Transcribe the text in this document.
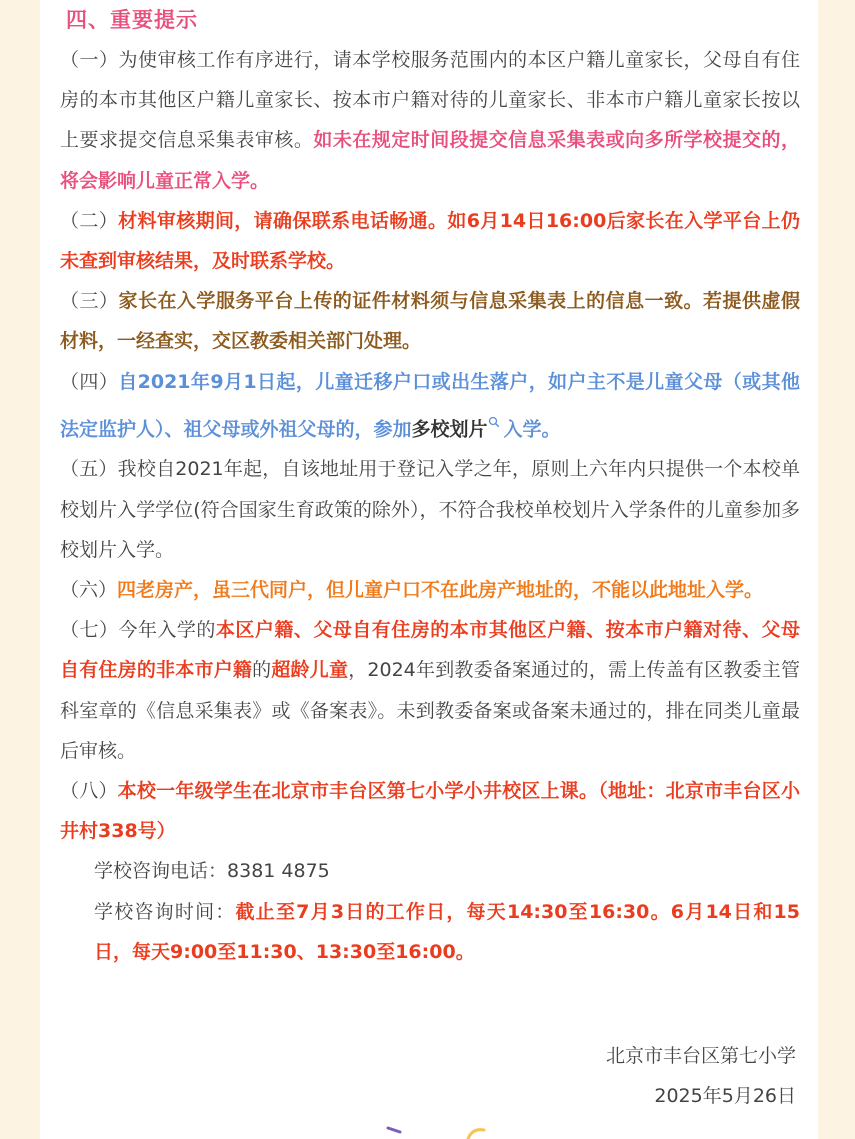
四、重要提示

（一）为使审核工作有序进行，请本学校服务范围内的本区户籍儿童家长，父母自有住房的本市其他区户籍儿童家长、按本市户籍对待的儿童家长、非本市户籍儿童家长按以上要求提交信息采集表审核。如未在规定时间段提交信息采集表或向多所学校提交的，将会影响儿童正常入学。

（二）材料审核期间，请确保联系电话畅通。如6月14日16:00后家长在入学平台上仍未查到审核结果，及时联系学校。

（三）家长在入学服务平台上传的证件材料须与信息采集表上的信息一致。若提供虚假材料，一经查实，交区教委相关部门处理。

（四）自2021年9月1日起，儿童迁移户口或出生落户，如户主不是儿童父母（或其他法定监护人）、祖父母或外祖父母的，参加多校划片 入学。

（五）我校自2021年起，自该地址用于登记入学之年，原则上六年内只提供一个本校单校划片入学学位(符合国家生育政策的除外），不符合我校单校划片入学条件的儿童参加多校划片入学。

（六）四老房产，虽三代同户，但儿童户口不在此房产地址的，不能以此地址入学。

（七）今年入学的本区户籍、父母自有住房的本市其他区户籍、按本市户籍对待、父母自有住房的非本市户籍的超龄儿童，2024年到教委备案通过的，需上传盖有区教委主管科室章的《信息采集表》或《备案表》。未到教委备案或备案未通过的，排在同类儿童最后审核。

（八）本校一年级学生在北京市丰台区第七小学小井校区上课。（地址：北京市丰台区小井村338号）

学校咨询电话：8381 4875

学校咨询时间：截止至7月3日的工作日，每天14:30至16:30。6月14日和15日，每天9:00至11:30、13:30至16:00。

北京市丰台区第七小学
2025年5月26日
